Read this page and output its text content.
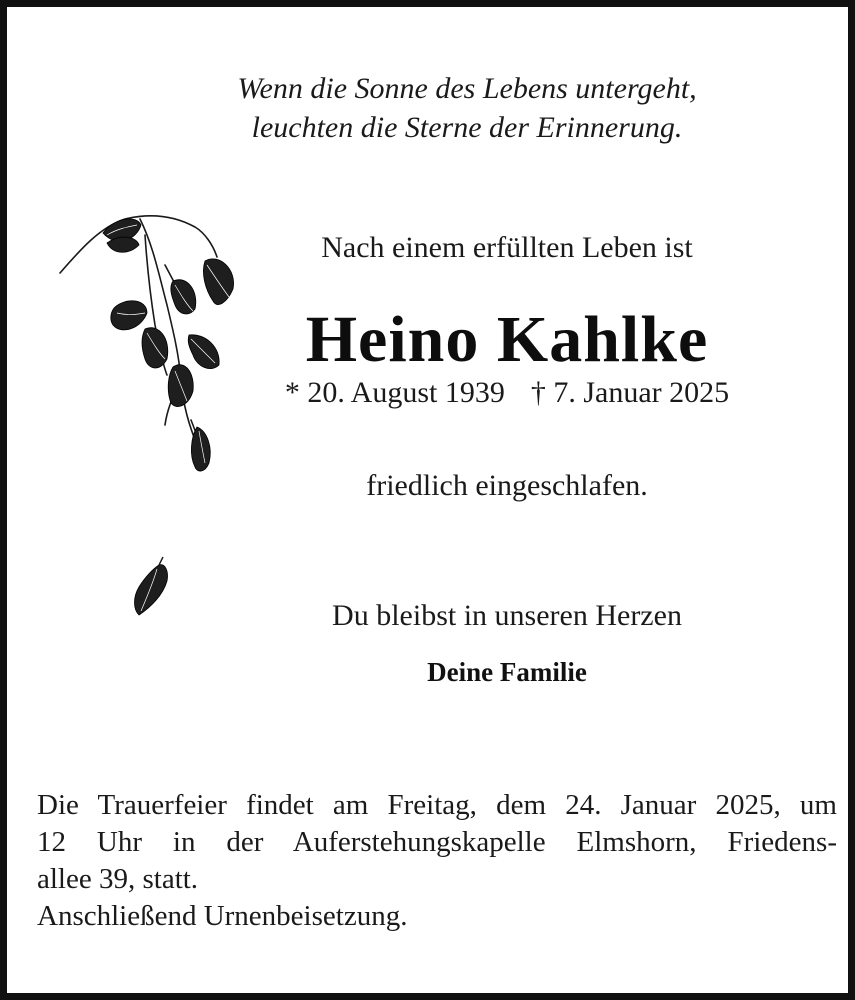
Wenn die Sonne des Lebens untergeht,
leuchten die Sterne der Erinnerung.
Nach einem erfüllten Leben ist
Heino Kahlke
* 20. August 1939 † 7. Januar 2025
friedlich eingeschlafen.
Du bleibst in unseren Herzen
Deine Familie
Die Trauerfeier findet am Freitag, dem 24. Januar 2025, um
12 Uhr in der Auferstehungskapelle Elmshorn, Friedens-
allee 39, statt.
Anschließend Urnenbeisetzung.
